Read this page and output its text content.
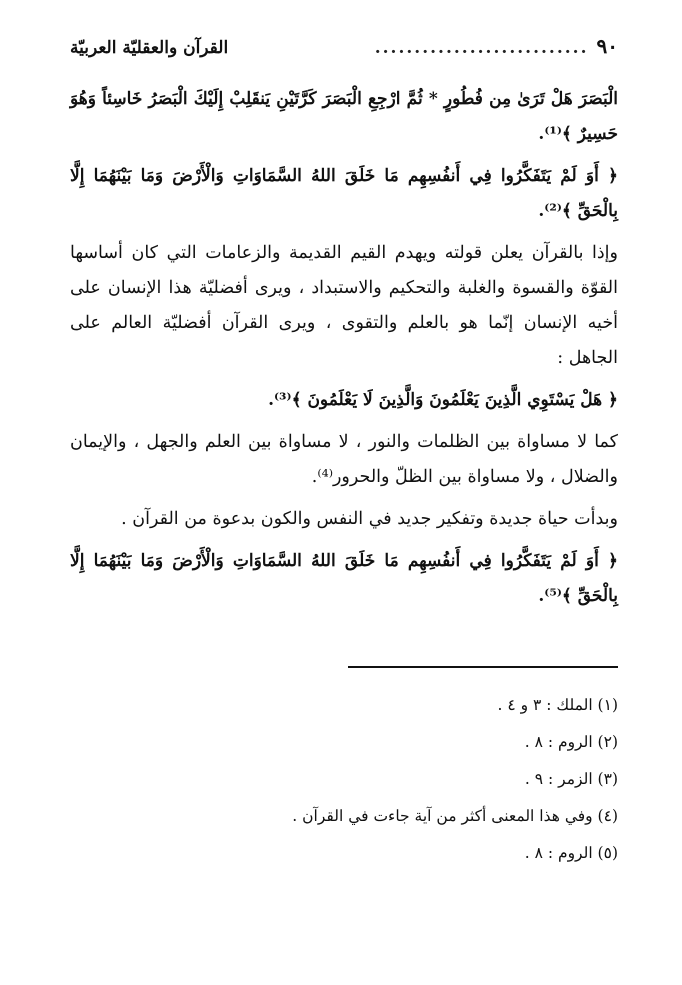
٩٠
...........................
القرآن والعقليّة العربيّة

الْبَصَرَ هَلْ تَرَىٰ مِن فُطُورٍ * ثُمَّ ارْجِعِ الْبَصَرَ كَرَّتَيْنِ يَنقَلِبْ إِلَيْكَ الْبَصَرُ خَاسِئاً وَهُوَ حَسِيرٌ ﴾⁽¹⁾.

﴿ أَوَ لَمْ يَتَفَكَّرُوا فِي أَنفُسِهِم مَا خَلَقَ اللهُ السَّمَاوَاتِ وَالْأَرْضَ وَمَا بَيْنَهُمَا إِلَّا بِالْحَقِّ ﴾⁽²⁾.

وإذا بالقرآن يعلن قولته ويهدم القيم القديمة والزعامات التي كان أساسها القوّة والقسوة والغلبة والتحكيم والاستبداد ، ويرى أفضليّة هذا الإنسان على أخيه الإنسان إنّما هو بالعلم والتقوى ، ويرى القرآن أفضليّة العالم على الجاهل :

﴿ هَلْ يَسْتَوِي الَّذِينَ يَعْلَمُونَ وَالَّذِينَ لَا يَعْلَمُونَ ﴾⁽³⁾.

كما لا مساواة بين الظلمات والنور ، لا مساواة بين العلم والجهل ، والإيمان والضلال ، ولا مساواة بين الظلّ والحرور⁽⁴⁾.

وبدأت حياة جديدة وتفكير جديد في النفس والكون بدعوة من القرآن .

﴿ أَوَ لَمْ يَتَفَكَّرُوا فِي أَنفُسِهِم مَا خَلَقَ اللهُ السَّمَاوَاتِ وَالْأَرْضَ وَمَا بَيْنَهُمَا إِلَّا بِالْحَقِّ ﴾⁽⁵⁾.

(١) الملك : ٣ و ٤ .
(٢) الروم : ٨ .
(٣) الزمر : ٩ .
(٤) وفي هذا المعنى أكثر من آية جاءت في القرآن .
(٥) الروم : ٨ .
